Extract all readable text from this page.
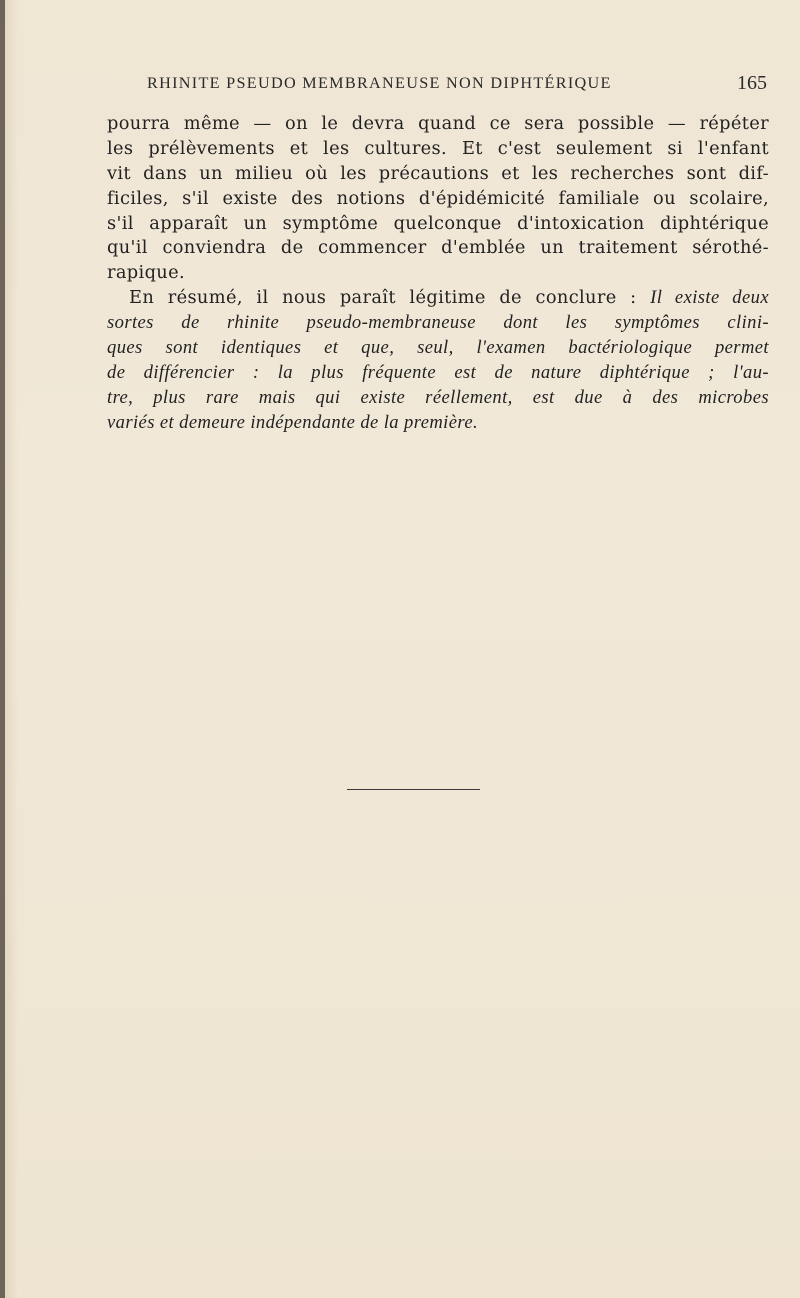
RHINITE PSEUDO MEMBRANEUSE NON DIPHTÉRIQUE	165
pourra même — on le devra quand ce sera possible — répéter
les prélèvements et les cultures. Et c'est seulement si l'enfant
vit dans un milieu où les précautions et les recherches sont dif-
ficiles, s'il existe des notions d'épidémicité familiale ou scolaire,
s'il apparaît un symptôme quelconque d'intoxication diphtérique
qu'il conviendra de commencer d'emblée un traitement sérothé-
rapique.
En résumé, il nous paraît légitime de conclure : Il existe deux
sortes de rhinite pseudo-membraneuse dont les symptômes clini-
ques sont identiques et que, seul, l'examen bactériologique permet
de différencier : la plus fréquente est de nature diphtérique ; l'au-
tre, plus rare mais qui existe réellement, est due à des microbes
variés et demeure indépendante de la première.
